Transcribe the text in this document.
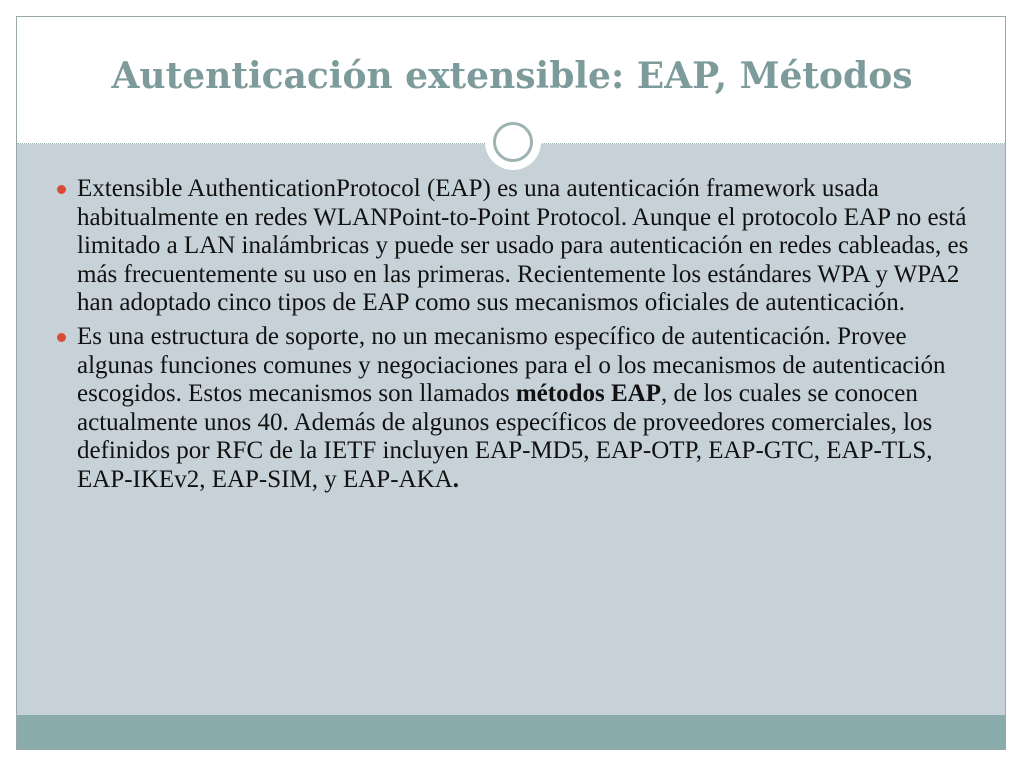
Autenticación extensible: EAP, Métodos
Extensible AuthenticationProtocol (EAP) es una autenticación framework usada habitualmente en redes WLANPoint-to-Point Protocol. Aunque el protocolo EAP no está limitado a LAN inalámbricas y puede ser usado para autenticación en redes cableadas, es más frecuentemente su uso en las primeras. Recientemente los estándares WPA y WPA2 han adoptado cinco tipos de EAP como sus mecanismos oficiales de autenticación.
Es una estructura de soporte, no un mecanismo específico de autenticación. Provee algunas funciones comunes y negociaciones para el o los mecanismos de autenticación escogidos. Estos mecanismos son llamados métodos EAP, de los cuales se conocen actualmente unos 40. Además de algunos específicos de proveedores comerciales, los definidos por RFC de la IETF incluyen EAP-MD5, EAP-OTP, EAP-GTC, EAP-TLS, EAP-IKEv2, EAP-SIM, y EAP-AKA.
